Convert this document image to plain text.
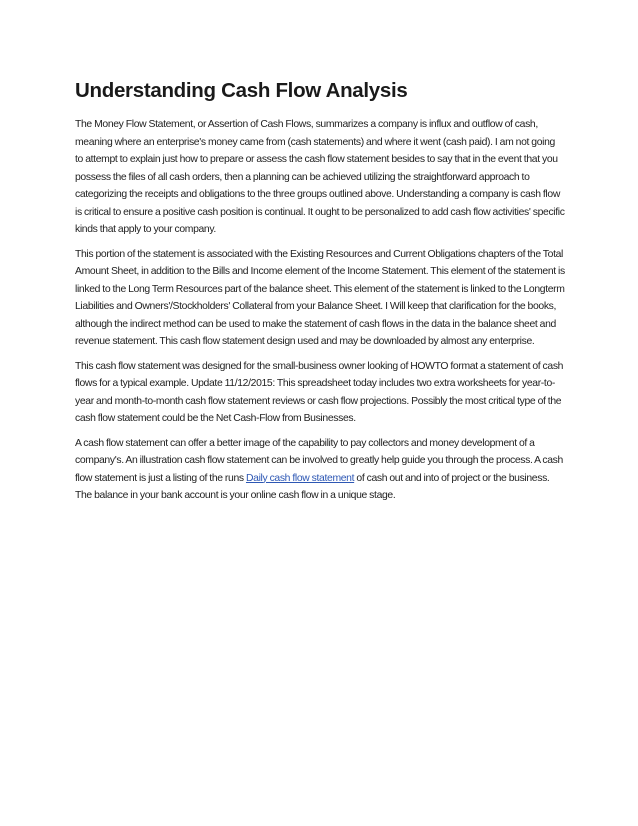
Understanding Cash Flow Analysis

The Money Flow Statement, or Assertion of Cash Flows, summarizes a company is influx and outflow of cash, meaning where an enterprise's money came from (cash statements) and where it went (cash paid). I am not going to attempt to explain just how to prepare or assess the cash flow statement besides to say that in the event that you possess the files of all cash orders, then a planning can be achieved utilizing the straightforward approach to categorizing the receipts and obligations to the three groups outlined above. Understanding a company is cash flow is critical to ensure a positive cash position is continual. It ought to be personalized to add cash flow activities' specific kinds that apply to your company.

This portion of the statement is associated with the Existing Resources and Current Obligations chapters of the Total Amount Sheet, in addition to the Bills and Income element of the Income Statement. This element of the statement is linked to the Long Term Resources part of the balance sheet. This element of the statement is linked to the Longterm Liabilities and Owners'/Stockholders' Collateral from your Balance Sheet. I Will keep that clarification for the books, although the indirect method can be used to make the statement of cash flows in the data in the balance sheet and revenue statement. This cash flow statement design used and may be downloaded by almost any enterprise.

This cash flow statement was designed for the small-business owner looking of HOWTO format a statement of cash flows for a typical example. Update 11/12/2015: This spreadsheet today includes two extra worksheets for year-to-year and month-to-month cash flow statement reviews or cash flow projections. Possibly the most critical type of the cash flow statement could be the Net Cash-Flow from Businesses.

A cash flow statement can offer a better image of the capability to pay collectors and money development of a company's. An illustration cash flow statement can be involved to greatly help guide you through the process. A cash flow statement is just a listing of the runs Daily cash flow statement of cash out and into of project or the business. The balance in your bank account is your online cash flow in a unique stage.
